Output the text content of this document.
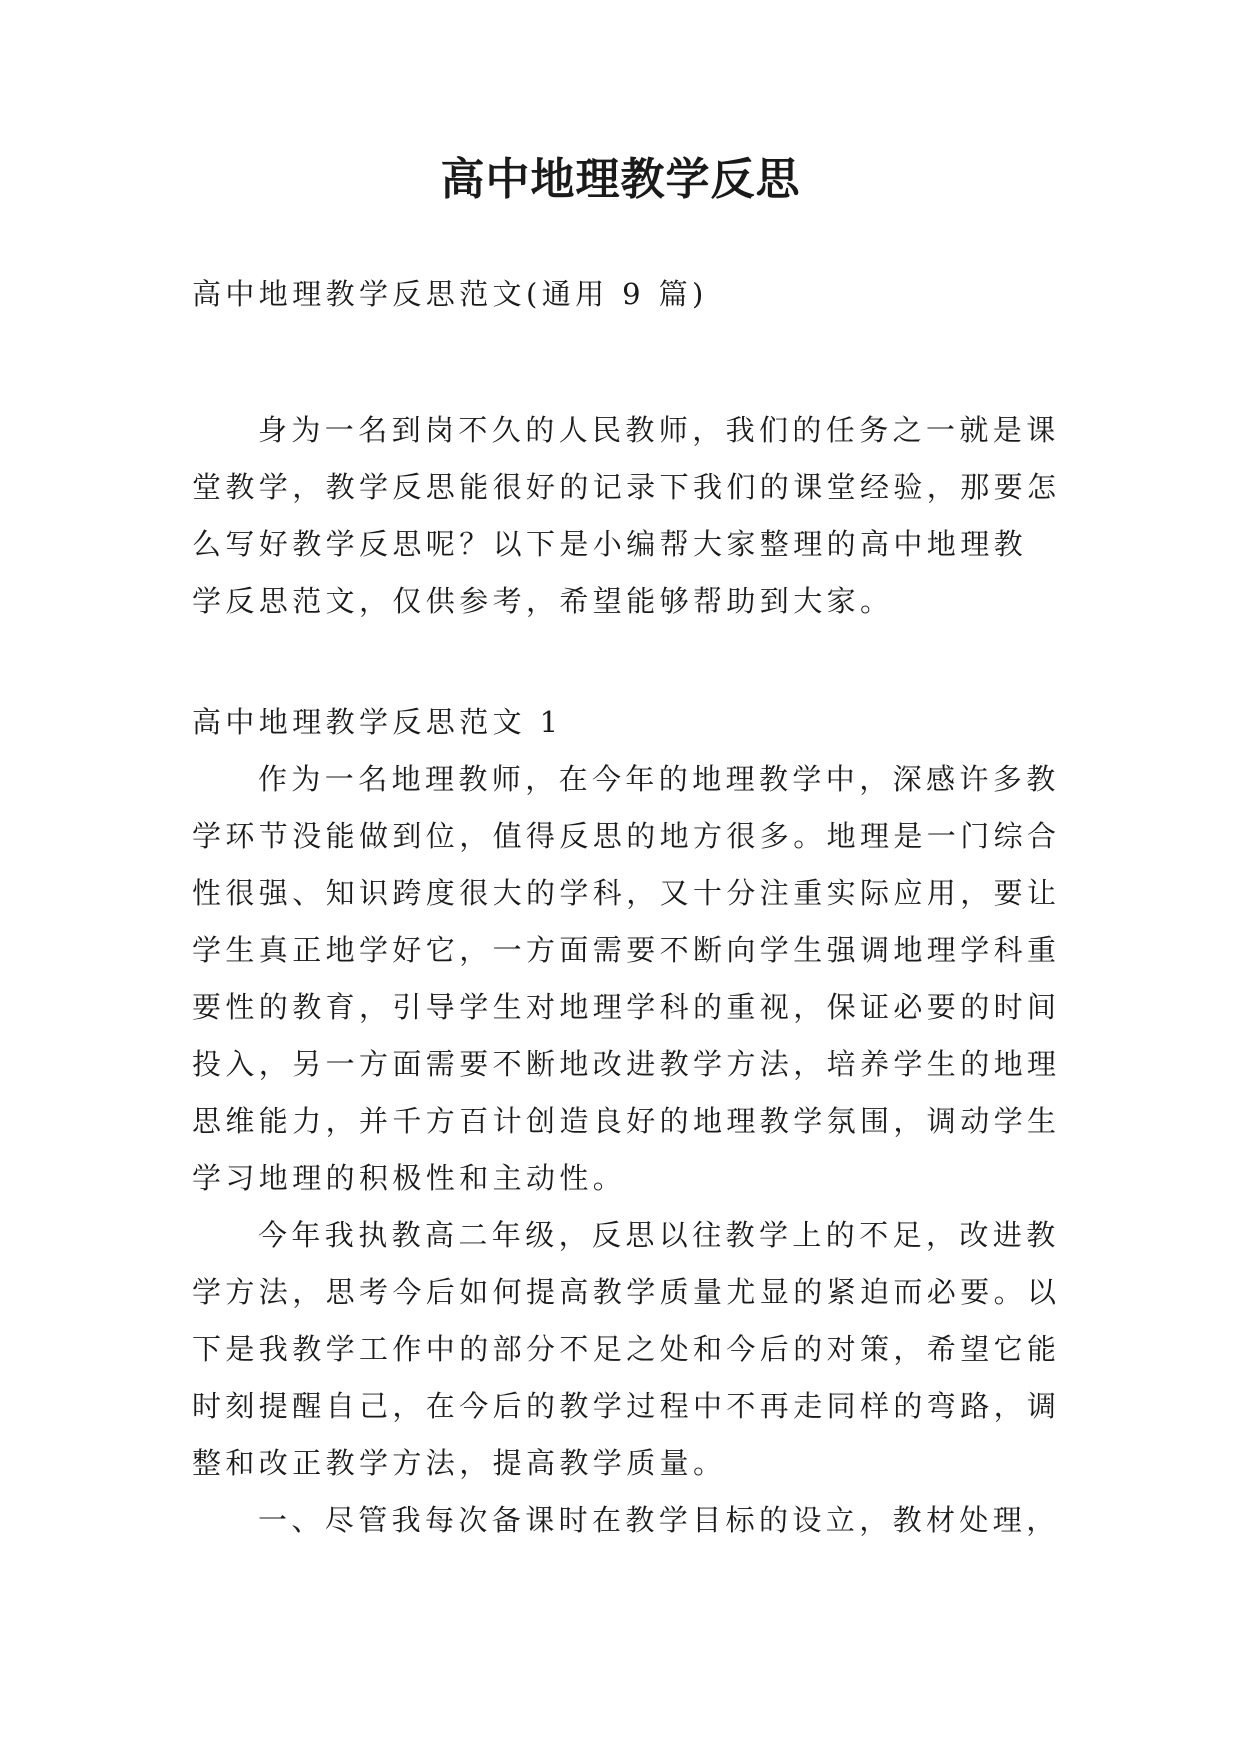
高中地理教学反思
高中地理教学反思范文(通用 9 篇)
身为一名到岗不久的人民教师，我们的任务之一就是课
堂教学，教学反思能很好的记录下我们的课堂经验，那要怎
么写好教学反思呢？以下是小编帮大家整理的高中地理教
学反思范文，仅供参考，希望能够帮助到大家。
高中地理教学反思范文 1
作为一名地理教师，在今年的地理教学中，深感许多教
学环节没能做到位，值得反思的地方很多。地理是一门综合
性很强、知识跨度很大的学科，又十分注重实际应用，要让
学生真正地学好它，一方面需要不断向学生强调地理学科重
要性的教育，引导学生对地理学科的重视，保证必要的时间
投入，另一方面需要不断地改进教学方法，培养学生的地理
思维能力，并千方百计创造良好的地理教学氛围，调动学生
学习地理的积极性和主动性。
今年我执教高二年级，反思以往教学上的不足，改进教
学方法，思考今后如何提高教学质量尤显的紧迫而必要。以
下是我教学工作中的部分不足之处和今后的对策，希望它能
时刻提醒自己，在今后的教学过程中不再走同样的弯路，调
整和改正教学方法，提高教学质量。
一、尽管我每次备课时在教学目标的设立，教材处理，
